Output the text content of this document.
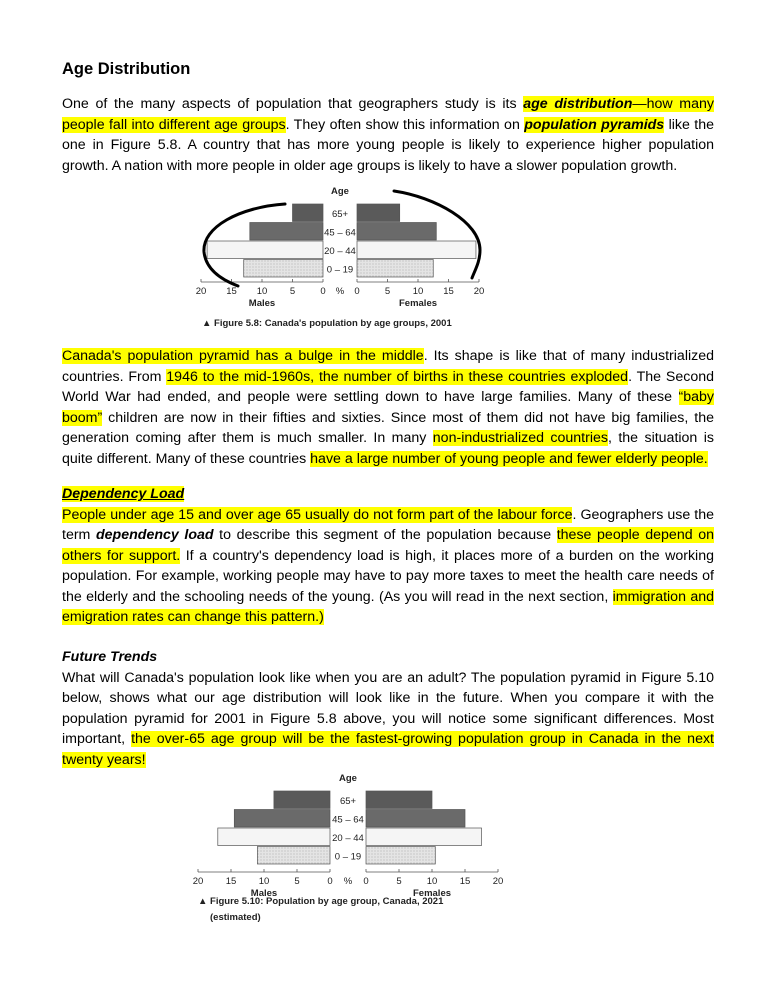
Age Distribution
One of the many aspects of population that geographers study is its age distribution—how many people fall into different age groups. They often show this information on population pyramids like the one in Figure 5.8. A country that has more young people is likely to experience higher population growth. A nation with more people in older age groups is likely to have a slower population growth.
Age
65+
45 – 64
20 – 44
0 – 19
20	0
15	5
10	10
5	15
0	20
%
Males	Females
▲ Figure 5.8: Canada's population by age groups, 2001
Canada's population pyramid has a bulge in the middle. Its shape is like that of many industrialized countries. From 1946 to the mid-1960s, the number of births in these countries exploded. The Second World War had ended, and people were settling down to have large families. Many of these “baby boom” children are now in their fifties and sixties. Since most of them did not have big families, the generation coming after them is much smaller. In many non-industrialized countries, the situation is quite different. Many of these countries have a large number of young people and fewer elderly people.
Dependency Load
People under age 15 and over age 65 usually do not form part of the labour force. Geographers use the term dependency load to describe this segment of the population because these people depend on others for support. If a country's dependency load is high, it places more of a burden on the working population. For example, working people may have to pay more taxes to meet the health care needs of the elderly and the schooling needs of the young. (As you will read in the next section, immigration and emigration rates can change this pattern.)
Future Trends
What will Canada's population look like when you are an adult? The population pyramid in Figure 5.10 below, shows what our age distribution will look like in the future. When you compare it with the population pyramid for 2001 in Figure 5.8 above, you will notice some significant differences. Most important, the over-65 age group will be the fastest-growing population group in Canada in the next twenty years!
Age
65+
45 – 64
20 – 44
0 – 19
20	0
15	5
10	10
5	15
0	20
%
Males	Females
▲ Figure 5.10: Population by age group, Canada, 2021
(estimated)
